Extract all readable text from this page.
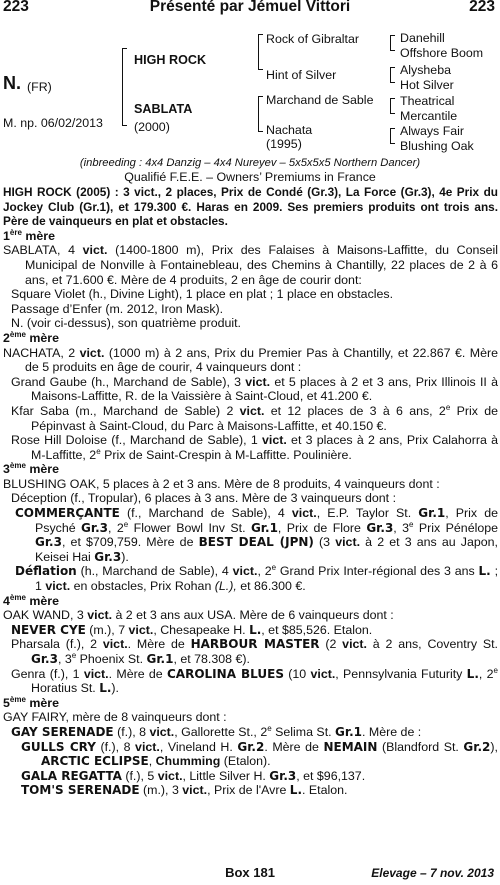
223	Présenté par Jémuel Vittori	223
N. (FR)
M. np. 06/02/2013
HIGH ROCK
SABLATA
(2000)
Rock of Gibraltar
Hint of Silver
Marchand de Sable
Nachata
(1995)
Danehill
Offshore Boom
Alysheba
Hot Silver
Theatrical
Mercantile
Always Fair
Blushing Oak
(inbreeding : 4x4 Danzig – 4x4 Nureyev – 5x5x5x5 Northern Dancer)
Qualifié F.E.E. – Owners’ Premiums in France

HIGH ROCK (2005) : 3 vict., 2 places, Prix de Condé (Gr.3), La Force (Gr.3), 4e Prix du Jockey Club (Gr.1), et 179.300 €. Haras en 2009. Ses premiers produits ont trois ans. Père de vainqueurs en plat et obstacles.

1ère mère

SABLATA, 4 vict. (1400-1800 m), Prix des Falaises à Maisons-Laffitte, du Conseil Municipal de Nonville à Fontainebleau, des Chemins à Chantilly, 22 places de 2 à 6 ans, et 71.600 €. Mère de 4 produits, 2 en âge de courir dont:

Square Violet (h., Divine Light), 1 place en plat ; 1 place en obstacles.

Passage d’Enfer (m. 2012, Iron Mask).

N. (voir ci-dessus), son quatrième produit.

2ème mère

NACHATA, 2 vict. (1000 m) à 2 ans, Prix du Premier Pas à Chantilly, et 22.867 €. Mère de 5 produits en âge de courir, 4 vainqueurs dont :

Grand Gaube (h., Marchand de Sable), 3 vict. et 5 places à 2 et 3 ans, Prix Illinois II à Maisons-Laffitte, R. de la Vaissière à Saint-Cloud, et 41.200 €.

Kfar Saba (m., Marchand de Sable) 2 vict. et 12 places de 3 à 6 ans, 2e Prix de Pépinvast à Saint-Cloud, du Parc à Maisons-Laffitte, et 40.150 €.

Rose Hill Doloise (f., Marchand de Sable), 1 vict. et 3 places à 2 ans, Prix Calahorra à M-Laffitte, 2e Prix de Saint-Crespin à M-Laffitte. Poulinière.

3ème mère

BLUSHING OAK, 5 places à 2 et 3 ans. Mère de 8 produits, 4 vainqueurs dont :

Déception (f., Tropular), 6 places à 3 ans. Mère de 3 vainqueurs dont :

COMMERÇANTE (f., Marchand de Sable), 4 vict., E.P. Taylor St. Gr.1, Prix de Psyché Gr.3, 2e Flower Bowl Inv St. Gr.1, Prix de Flore Gr.3, 3e Prix Pénélope Gr.3, et $709,759. Mère de BEST DEAL (JPN) (3 vict. à 2 et 3 ans au Japon, Keisei Hai Gr.3).

Déflation (h., Marchand de Sable), 4 vict., 2e Grand Prix Inter-régional des 3 ans L. ; 1 vict. en obstacles, Prix Rohan (L.), et 86.300 €.

4ème mère

OAK WAND, 3 vict. à 2 et 3 ans aux USA. Mère de 6 vainqueurs dont :

NEVER CYE (m.), 7 vict., Chesapeake H. L., et $85,526. Etalon.

Pharsala (f.), 2 vict.. Mère de HARBOUR MASTER (2 vict. à 2 ans, Coventry St. Gr.3, 3e Phoenix St. Gr.1, et 78.308 €).

Genra (f.), 1 vict.. Mère de CAROLINA BLUES (10 vict., Pennsylvania Futurity L., 2e Horatius St. L.).

5ème mère

GAY FAIRY, mère de 8 vainqueurs dont :

GAY SERENADE (f.), 8 vict., Gallorette St., 2e Selima St. Gr.1. Mère de :

GULLS CRY (f.), 8 vict., Vineland H. Gr.2. Mère de NEMAIN (Blandford St. Gr.2), ARCTIC ECLIPSE, Chumming (Etalon).

GALA REGATTA (f.), 5 vict., Little Silver H. Gr.3, et $96,137.

TOM'S SERENADE (m.), 3 vict., Prix de l'Avre L.. Etalon.

Box 181	Elevage – 7 nov. 2013
